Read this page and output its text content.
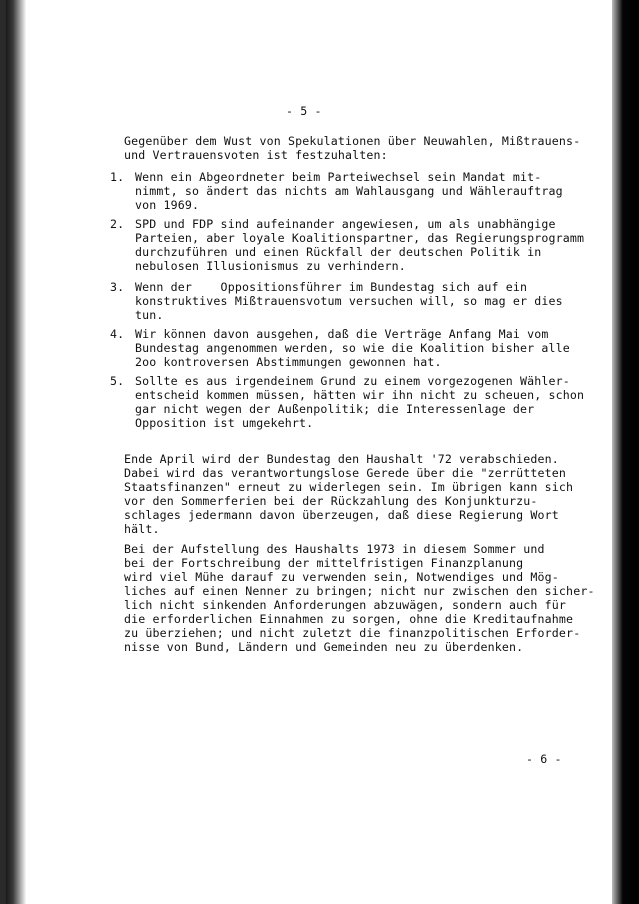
- 5 -
Gegenüber dem Wust von Spekulationen über Neuwahlen, Mißtrauens-
und Vertrauensvoten ist festzuhalten:
1. Wenn ein Abgeordneter beim Parteiwechsel sein Mandat mit-
nimmt, so ändert das nichts am Wahlausgang und Wählerauftrag
von 1969.
2. SPD und FDP sind aufeinander angewiesen, um als unabhängige
Parteien, aber loyale Koalitionspartner, das Regierungsprogramm
durchzuführen und einen Rückfall der deutschen Politik in
nebulosen Illusionismus zu verhindern.
3. Wenn der    Oppositionsführer im Bundestag sich auf ein
konstruktives Mißtrauensvotum versuchen will, so mag er dies
tun.
4. Wir können davon ausgehen, daß die Verträge Anfang Mai vom
Bundestag angenommen werden, so wie die Koalition bisher alle
2oo kontroversen Abstimmungen gewonnen hat.
5. Sollte es aus irgendeinem Grund zu einem vorgezogenen Wähler-
entscheid kommen müssen, hätten wir ihn nicht zu scheuen, schon
gar nicht wegen der Außenpolitik; die Interessenlage der
Opposition ist umgekehrt.
Ende April wird der Bundestag den Haushalt '72 verabschieden.
Dabei wird das verantwortungslose Gerede über die "zerrütteten
Staatsfinanzen" erneut zu widerlegen sein. Im übrigen kann sich
vor den Sommerferien bei der Rückzahlung des Konjunkturzu-
schlages jedermann davon überzeugen, daß diese Regierung Wort
hält.
Bei der Aufstellung des Haushalts 1973 in diesem Sommer und
bei der Fortschreibung der mittelfristigen Finanzplanung
wird viel Mühe darauf zu verwenden sein, Notwendiges und Mög-
liches auf einen Nenner zu bringen; nicht nur zwischen den sicher-
lich nicht sinkenden Anforderungen abzuwägen, sondern auch für
die erforderlichen Einnahmen zu sorgen, ohne die Kreditaufnahme
zu überziehen; und nicht zuletzt die finanzpolitischen Erforder-
nisse von Bund, Ländern und Gemeinden neu zu überdenken.
- 6 -
